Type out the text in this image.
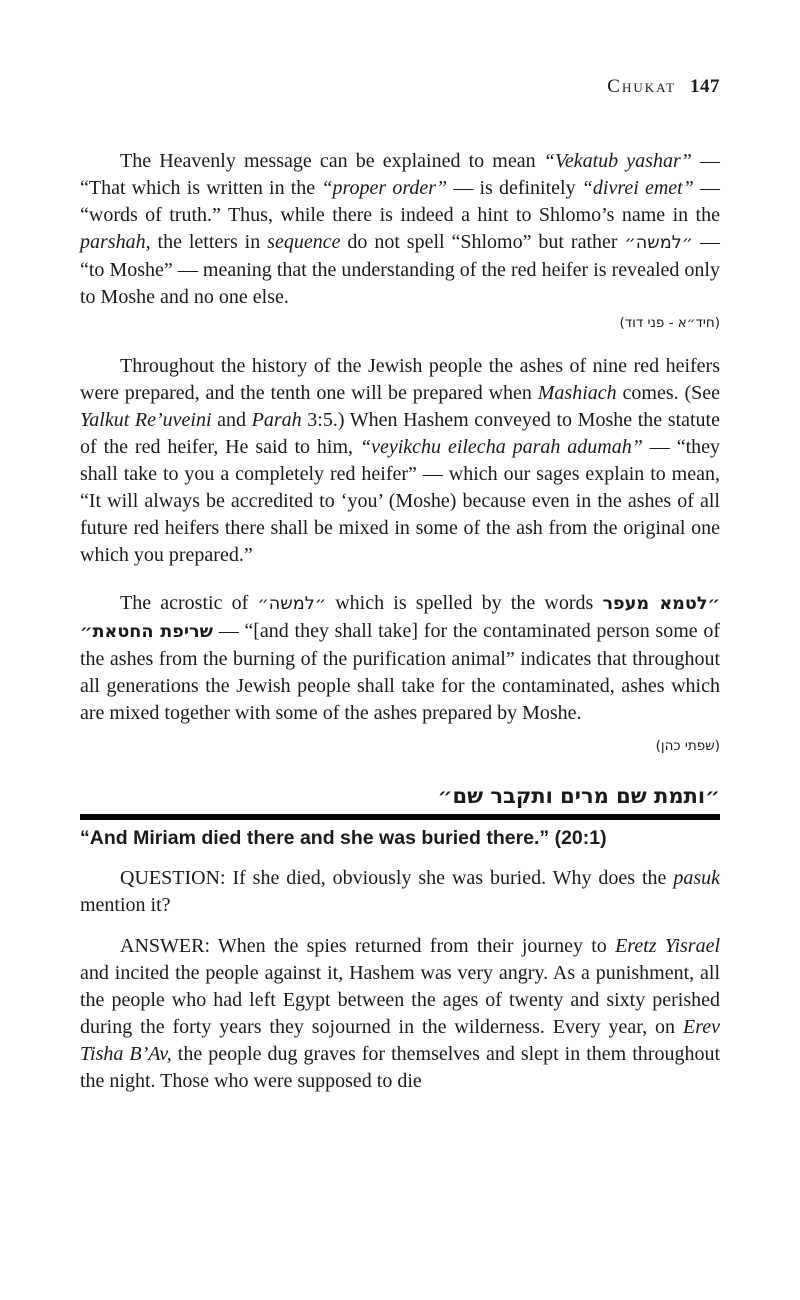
Chukat 147

The Heavenly message can be explained to mean “Vekatub yashar” — “That which is written in the “proper order” — is definitely “divrei emet” — “words of truth.” Thus, while there is indeed a hint to Shlomo’s name in the parshah, the letters in sequence do not spell “Shlomo” but rather ״למשה״ — “to Moshe” — meaning that the understanding of the red heifer is revealed only to Moshe and no one else.

(חיד״א - פני דוד)

Throughout the history of the Jewish people the ashes of nine red heifers were prepared, and the tenth one will be prepared when Mashiach comes. (See Yalkut Re’uveini and Parah 3:5.) When Hashem conveyed to Moshe the statute of the red heifer, He said to him, “veyikchu eilecha parah adumah” — “they shall take to you a completely red heifer” — which our sages explain to mean, “It will always be accredited to ‘you’ (Moshe) because even in the ashes of all future red heifers there shall be mixed in some of the ash from the original one which you prepared.”

The acrostic of ״למשה״ which is spelled by the words ״לטמא מעפר שריפת החטאת״ — “[and they shall take] for the contaminated person some of the ashes from the burning of the purification animal” indicates that throughout all generations the Jewish people shall take for the contaminated, ashes which are mixed together with some of the ashes prepared by Moshe.

(שפתי כהן)

״ותמת שם מרים ותקבר שם״

“And Miriam died there and she was buried there.” (20:1)

QUESTION: If she died, obviously she was buried. Why does the pasuk mention it?

ANSWER: When the spies returned from their journey to Eretz Yisrael and incited the people against it, Hashem was very angry. As a punishment, all the people who had left Egypt between the ages of twenty and sixty perished during the forty years they sojourned in the wilderness. Every year, on Erev Tisha B’Av, the people dug graves for themselves and slept in them throughout the night. Those who were supposed to die
